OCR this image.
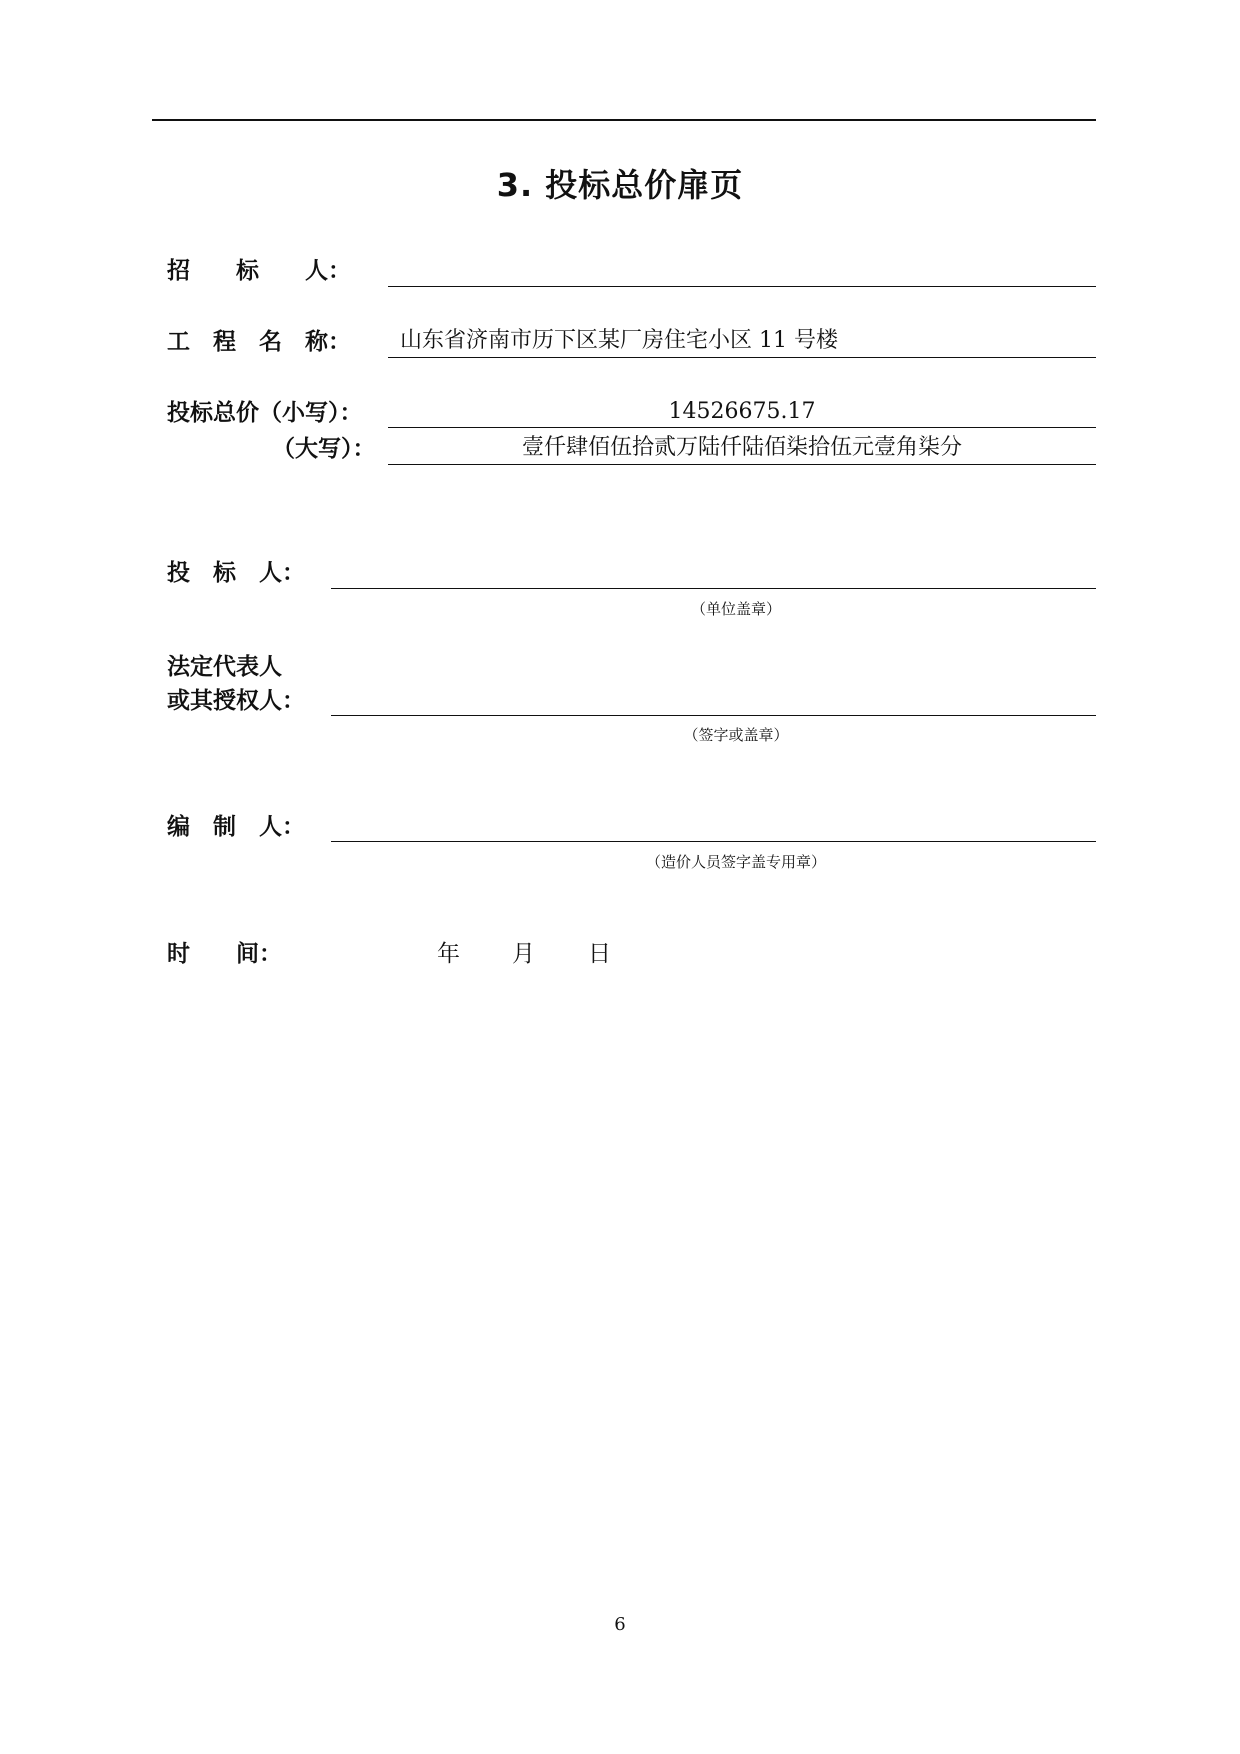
3. 投标总价扉页
招　　标　　人：
工　程　名　称： 山东省济南市历下区某厂房住宅小区 11 号楼
投标总价（小写）：	14526675.17
（大写）：	壹仟肆佰伍拾贰万陆仟陆佰柒拾伍元壹角柒分
投　标　人：
（单位盖章）
法定代表人
或其授权人：
（签字或盖章）
编　制　人：
（造价人员签字盖专用章）
时　　间：	年 月 日
6
